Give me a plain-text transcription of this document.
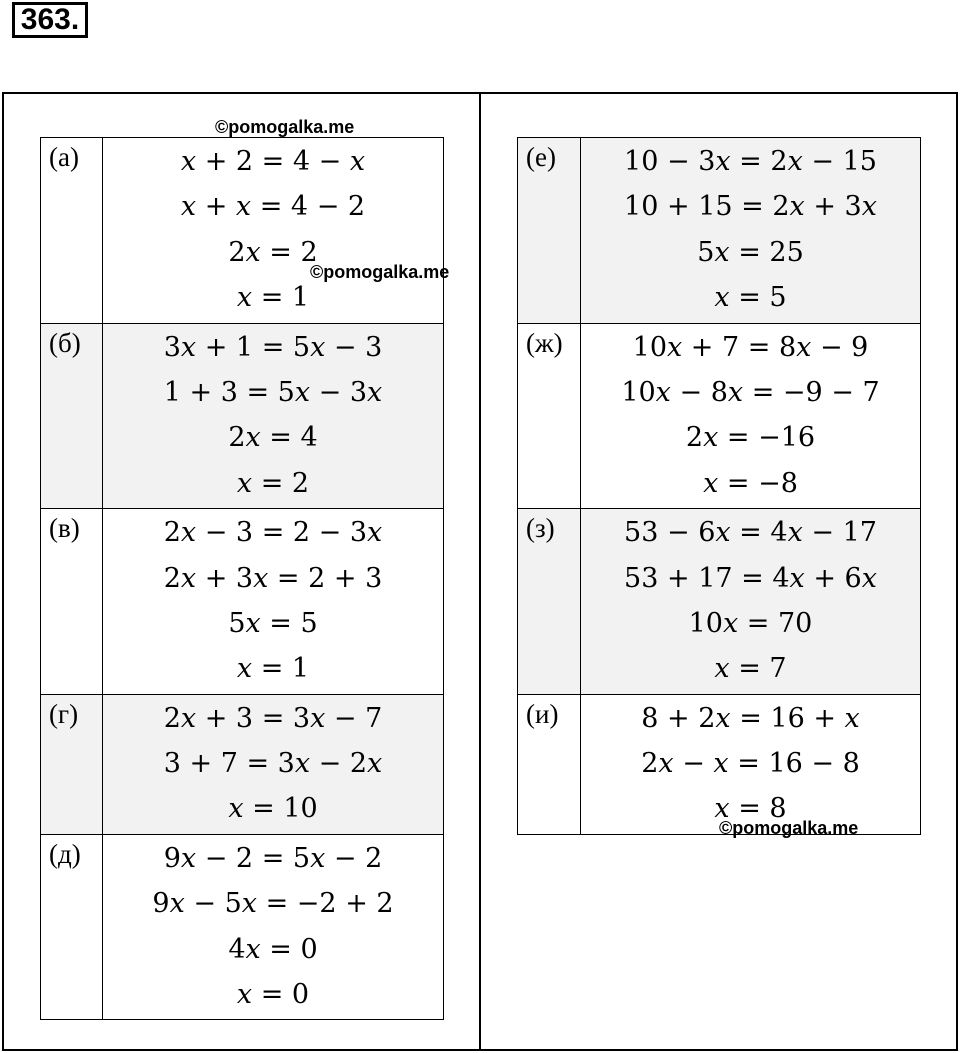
363.
(а)	𝑥 + 2 = 4 − 𝑥
𝑥 + 𝑥 = 4 − 2
2𝑥 = 2
𝑥 = 1
(б)	3𝑥 + 1 = 5𝑥 − 3
1 + 3 = 5𝑥 − 3𝑥
2𝑥 = 4
𝑥 = 2
(в)	2𝑥 − 3 = 2 − 3𝑥
2𝑥 + 3𝑥 = 2 + 3
5𝑥 = 5
𝑥 = 1
(г)	2𝑥 + 3 = 3𝑥 − 7
3 + 7 = 3𝑥 − 2𝑥
𝑥 = 10
(д)	9𝑥 − 2 = 5𝑥 − 2
9𝑥 − 5𝑥 = −2 + 2
4𝑥 = 0
𝑥 = 0
(е)	10 − 3𝑥 = 2𝑥 − 15
10 + 15 = 2𝑥 + 3𝑥
5𝑥 = 25
𝑥 = 5
(ж)	10𝑥 + 7 = 8𝑥 − 9
10𝑥 − 8𝑥 = −9 − 7
2𝑥 = −16
𝑥 = −8
(з)	53 − 6𝑥 = 4𝑥 − 17
53 + 17 = 4𝑥 + 6𝑥
10𝑥 = 70
𝑥 = 7
(и)	8 + 2𝑥 = 16 + 𝑥
2𝑥 − 𝑥 = 16 − 8
𝑥 = 8
©pomogalka.me
©pomogalka.me
©pomogalka.me
